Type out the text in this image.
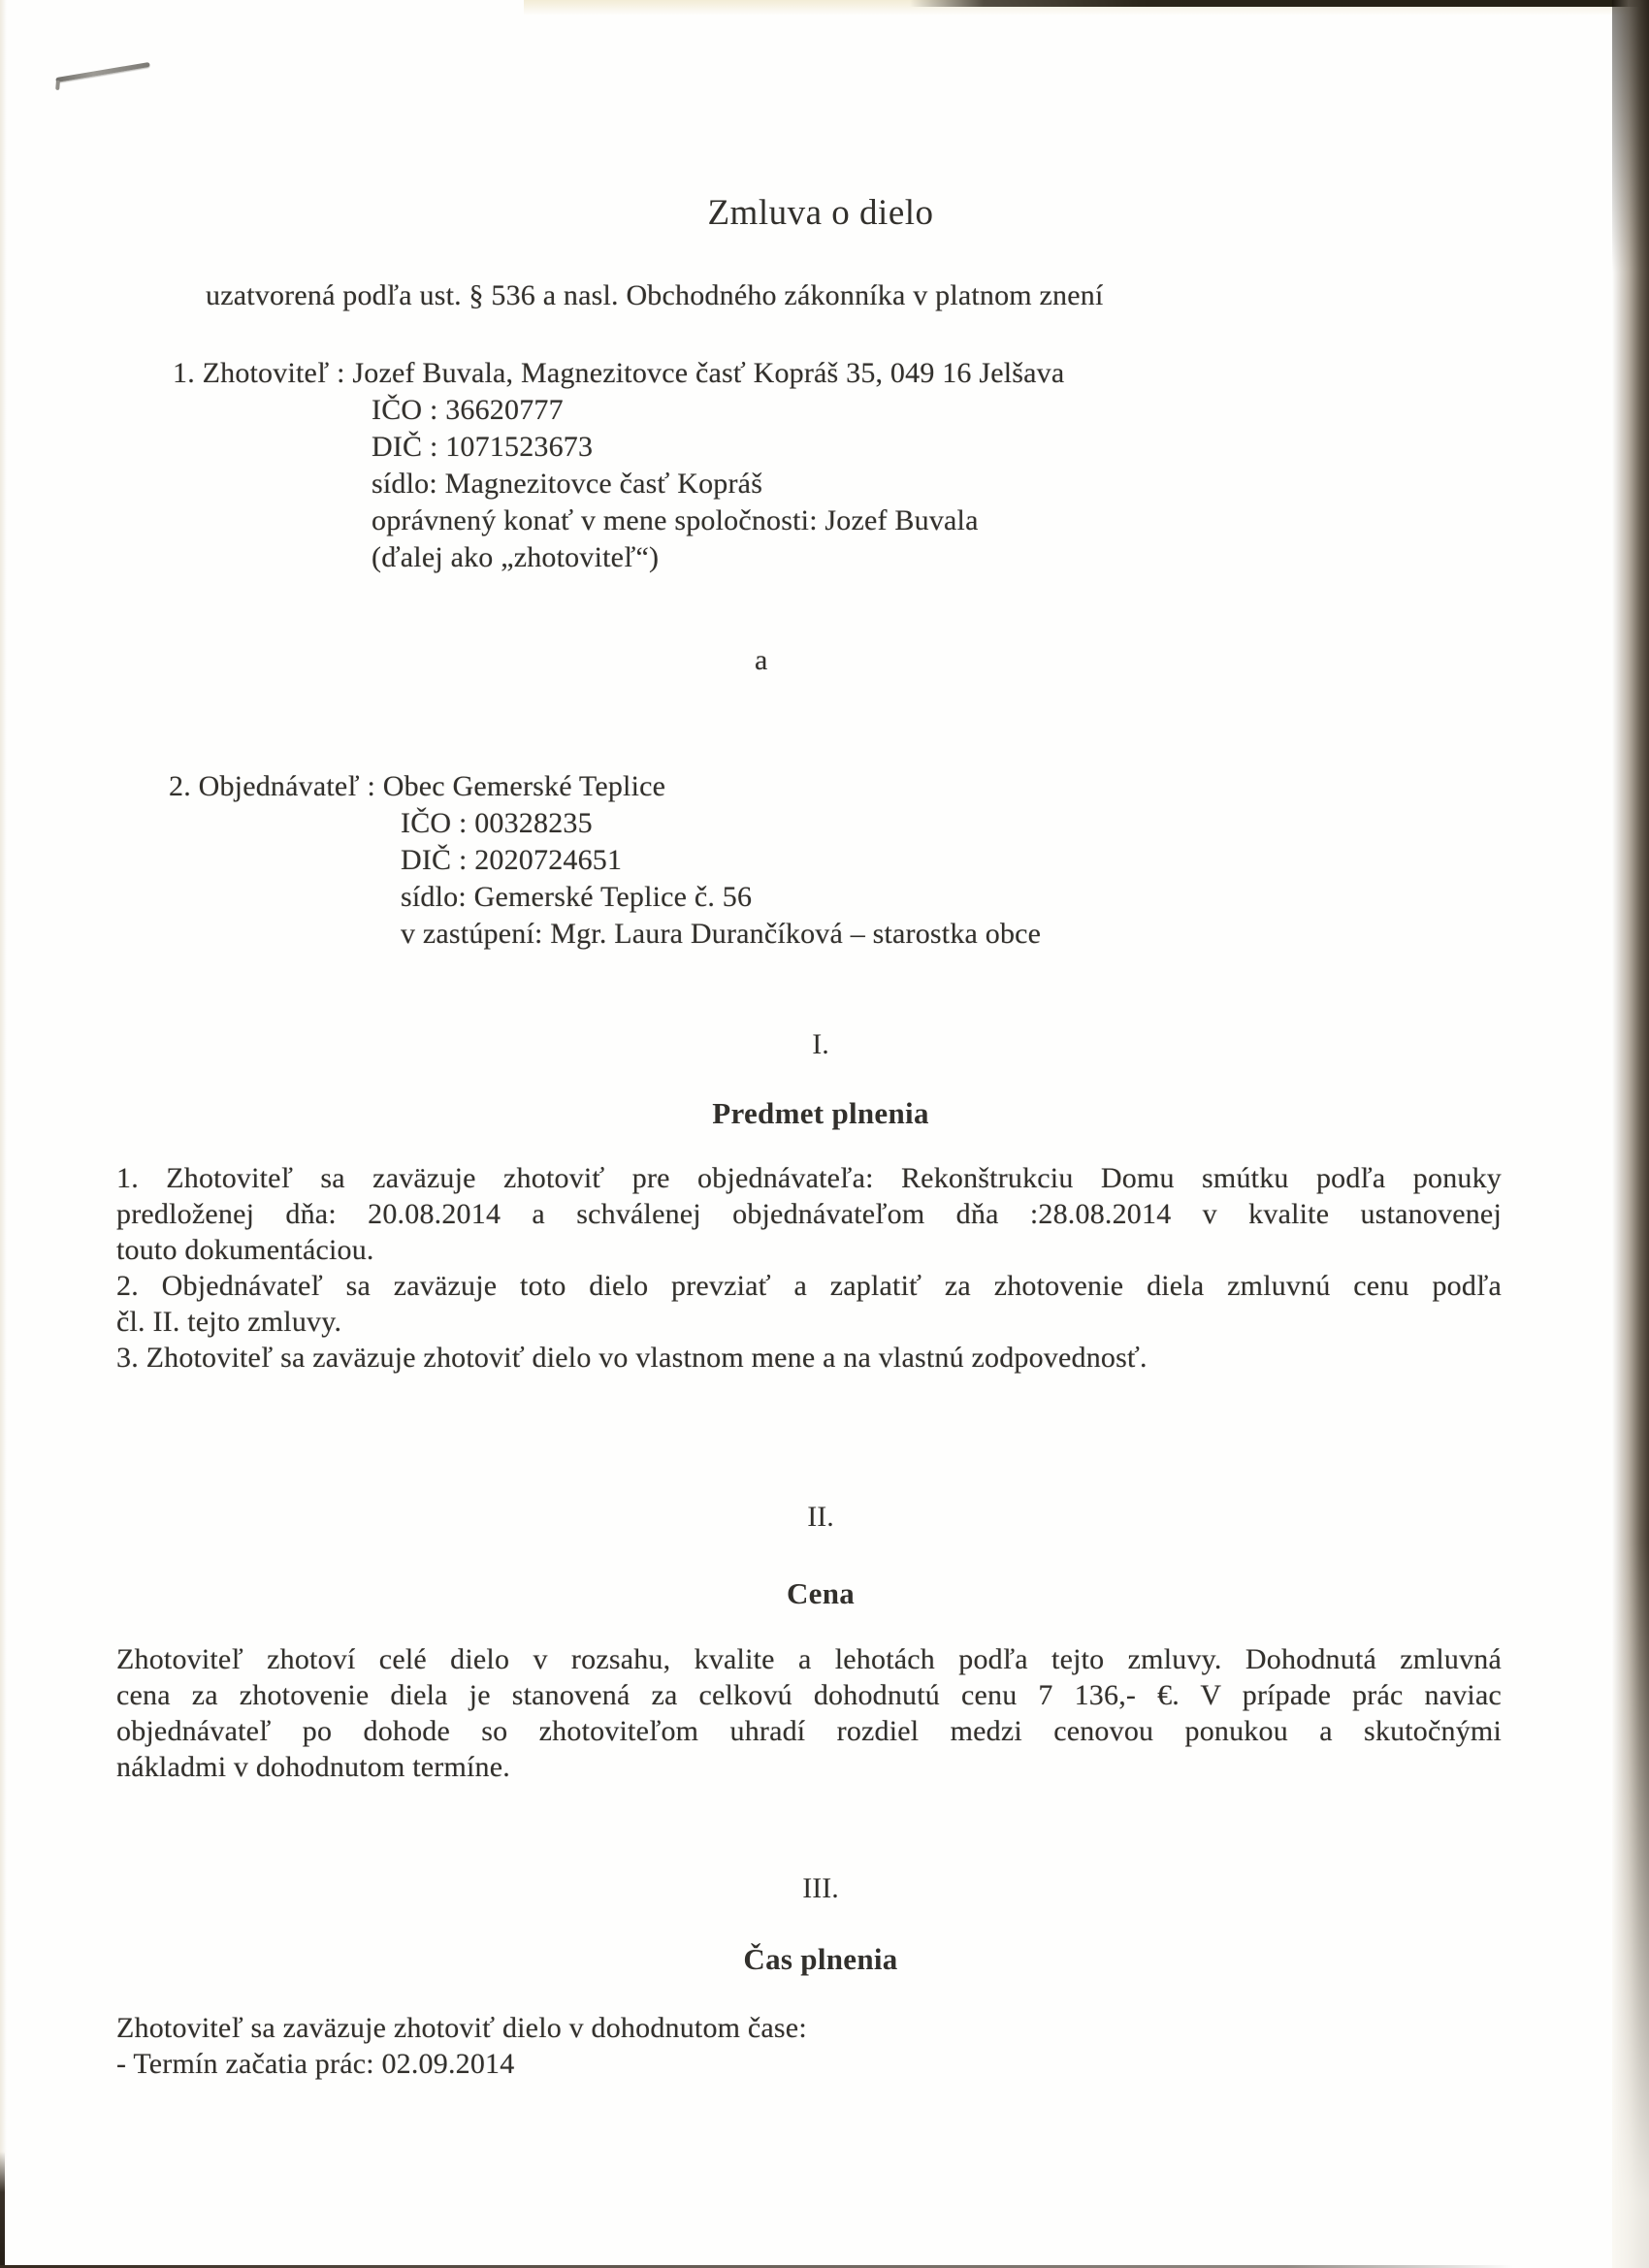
Zmluva o dielo
uzatvorená podľa ust. § 536 a nasl. Obchodného zákonníka v platnom znení
1. Zhotoviteľ : Jozef Buvala, Magnezitovce časť Kopráš 35, 049 16 Jelšava
IČO : 36620777
DIČ : 1071523673
sídlo: Magnezitovce časť Kopráš
oprávnený konať v mene spoločnosti: Jozef Buvala
(ďalej ako „zhotoviteľ“)
a
2. Objednávateľ : Obec Gemerské Teplice
IČO : 00328235
DIČ : 2020724651
sídlo: Gemerské Teplice č. 56
v zastúpení: Mgr. Laura Durančíková – starostka obce
I.
Predmet plnenia
1. Zhotoviteľ sa zaväzuje zhotoviť pre objednávateľa: Rekonštrukciu Domu smútku podľa ponuky
predloženej dňa: 20.08.2014 a schválenej objednávateľom dňa :28.08.2014 v kvalite ustanovenej
touto dokumentáciou.
2. Objednávateľ sa zaväzuje toto dielo prevziať a zaplatiť za zhotovenie diela zmluvnú cenu podľa
čl. II. tejto zmluvy.
3. Zhotoviteľ sa zaväzuje zhotoviť dielo vo vlastnom mene a na vlastnú zodpovednosť.
II.
Cena
Zhotoviteľ zhotoví celé dielo v rozsahu, kvalite a lehotách podľa tejto zmluvy. Dohodnutá zmluvná
cena za zhotovenie diela je stanovená za celkovú dohodnutú cenu 7 136,- €. V prípade prác naviac
objednávateľ po dohode so zhotoviteľom uhradí rozdiel medzi cenovou ponukou a skutočnými
nákladmi v dohodnutom termíne.
III.
Čas plnenia
Zhotoviteľ sa zaväzuje zhotoviť dielo v dohodnutom čase:
- Termín začatia prác: 02.09.2014
